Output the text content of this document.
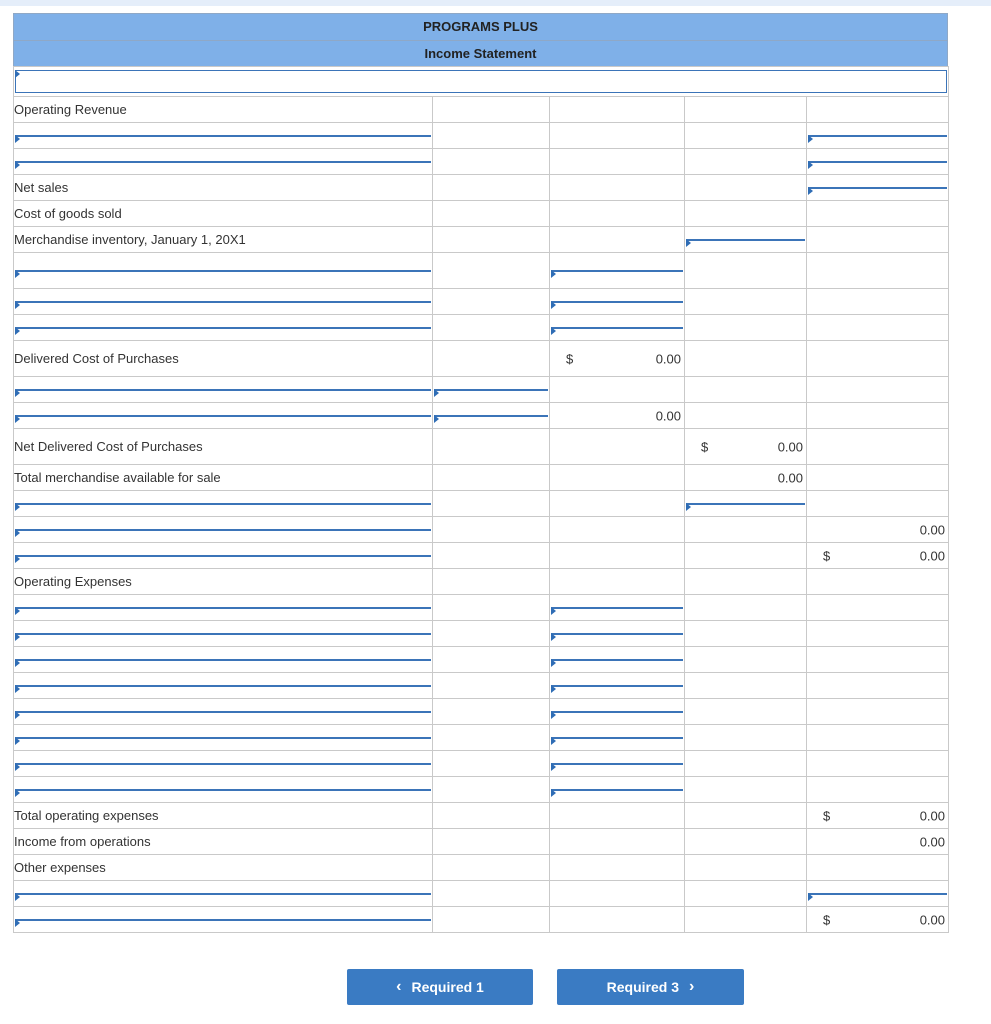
PROGRAMS PLUS
Income Statement

Operating Revenue				

Net sales				

Cost of goods sold				
Merchandise inventory, January 1, 20X1			

Delivered Cost of Purchases		$ 0.00		

		0.00		

Net Delivered Cost of Purchases			$ 0.00	

Total merchandise available for sale			0.00	

				0.00

				$ 0.00

Operating Expenses				

Total operating expenses				$ 0.00

Income from operations				0.00

Other expenses				

				$ 0.00
‹ Required 1	Required 3 ›
